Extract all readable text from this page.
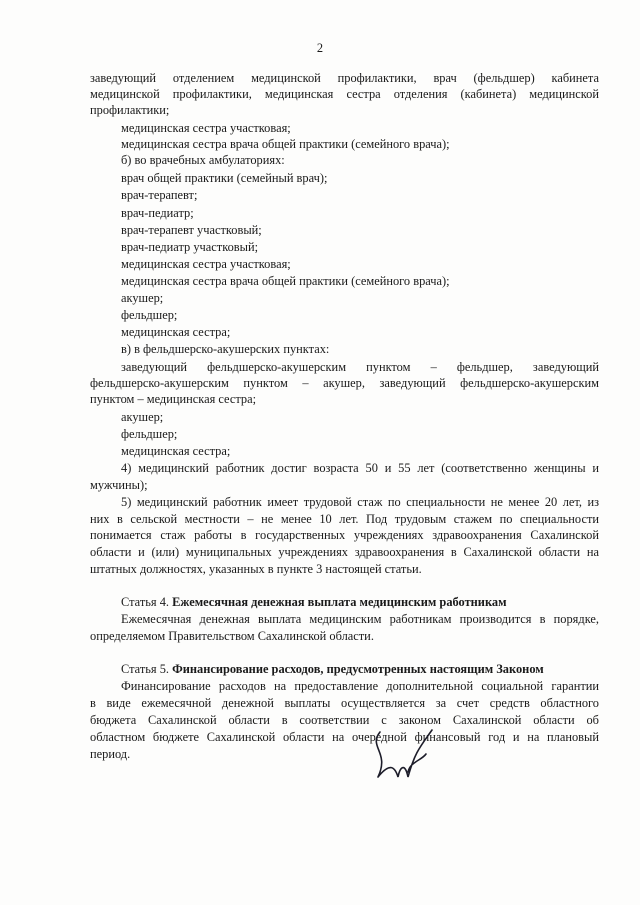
2
заведующий отделением медицинской профилактики, врач (фельдшер) кабинета
медицинской профилактики, медицинская сестра отделения (кабинета) медицинской
профилактики;
медицинская сестра участковая;
медицинская сестра врача общей практики (семейного врача);
б) во врачебных амбулаториях:
врач общей практики (семейный врач);
врач-терапевт;
врач-педиатр;
врач-терапевт участковый;
врач-педиатр участковый;
медицинская сестра участковая;
медицинская сестра врача общей практики (семейного врача);
акушер;
фельдшер;
медицинская сестра;
в) в фельдшерско-акушерских пунктах:
заведующий фельдшерско-акушерским пунктом – фельдшер, заведующий
фельдшерско-акушерским пунктом – акушер, заведующий фельдшерско-акушерским
пунктом – медицинская сестра;
акушер;
фельдшер;
медицинская сестра;
4) медицинский работник достиг возраста 50 и 55 лет (соответственно женщины и
мужчины);
5) медицинский работник имеет трудовой стаж по специальности не менее 20 лет, из
них в сельской местности – не менее 10 лет. Под трудовым стажем по специальности
понимается стаж работы в государственных учреждениях здравоохранения Сахалинской
области и (или) муниципальных учреждениях здравоохранения в Сахалинской области на
штатных должностях, указанных в пункте 3 настоящей статьи.
Статья 4. Ежемесячная денежная выплата медицинским работникам
Ежемесячная денежная выплата медицинским работникам производится в порядке,
определяемом Правительством Сахалинской области.
Статья 5. Финансирование расходов, предусмотренных настоящим Законом
Финансирование расходов на предоставление дополнительной социальной гарантии
в виде ежемесячной денежной выплаты осуществляется за счет средств областного
бюджета Сахалинской области в соответствии с законом Сахалинской области об
областном бюджете Сахалинской области на очередной финансовый год и на плановый
период.
